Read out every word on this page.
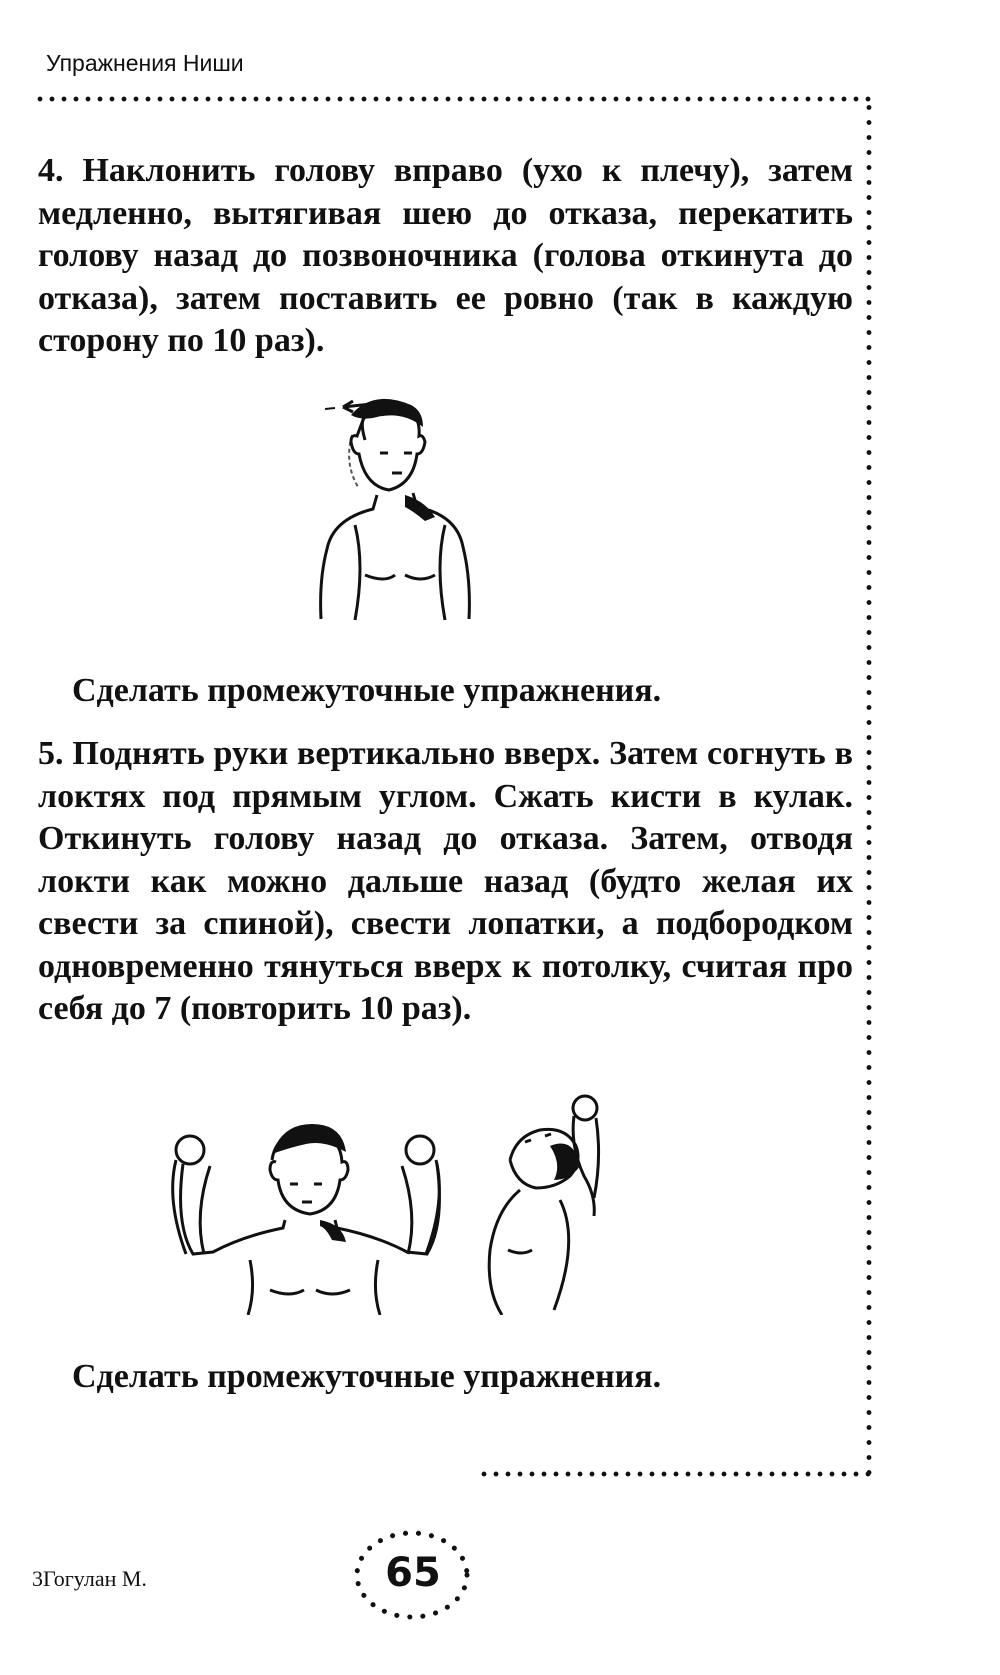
Упражнения Ниши

4. Наклонить голову вправо (ухо к плечу), затем медленно, вытягивая шею до отказа, перекатить голову назад до позвоночника (голова откинута до отказа), затем поставить ее ровно (так в каждую сторону по 10 раз).

Сделать промежуточные упражнения.

5. Поднять руки вертикально вверх. Затем согнуть в локтях под прямым углом. Сжать кисти в кулак. Откинуть голову назад до отказа. Затем, отводя локти как можно дальше назад (будто желая их свести за спиной), свести лопатки, а подбородком одновременно тянуться вверх к потолку, считая про себя до 7 (повторить 10 раз).

Сделать промежуточные упражнения.

3Гогулан М.	65
